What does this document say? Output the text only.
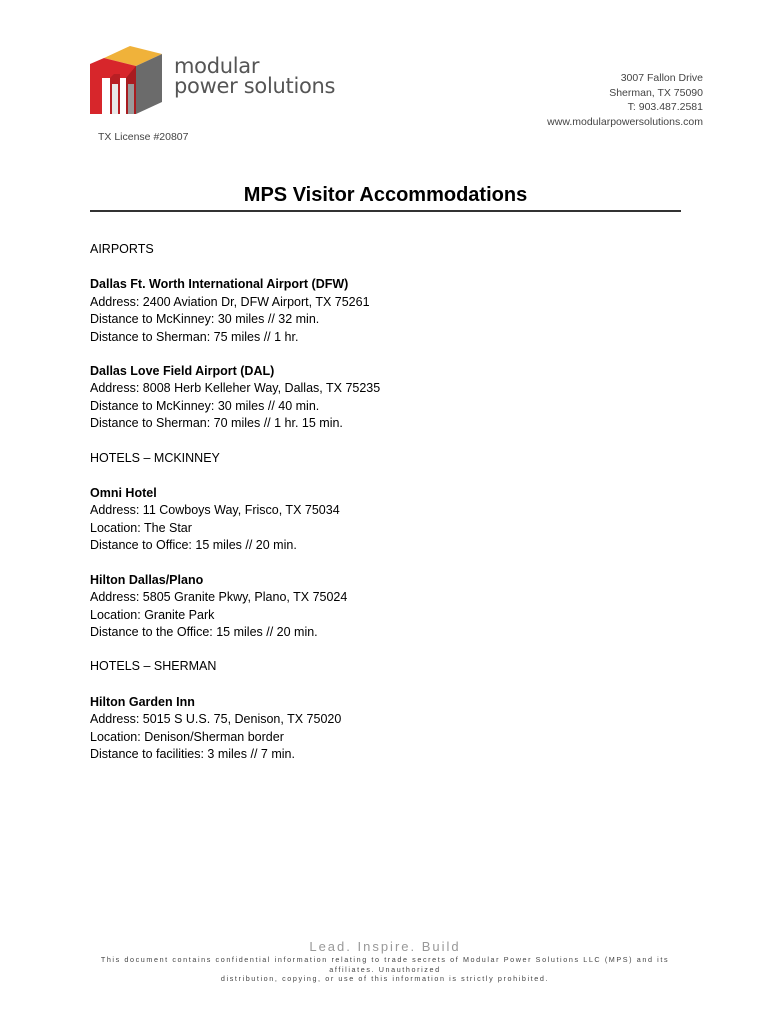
modular
power solutions	3007 Fallon Drive
Sherman, TX 75090
T: 903.487.2581
www.modularpowersolutions.com
TX License #20807
MPS Visitor Accommodations
AIRPORTS
Dallas Ft. Worth International Airport (DFW)
Address: 2400 Aviation Dr, DFW Airport, TX 75261
Distance to McKinney: 30 miles // 32 min.
Distance to Sherman: 75 miles // 1 hr.
Dallas Love Field Airport (DAL)
Address: 8008 Herb Kelleher Way, Dallas, TX 75235
Distance to McKinney: 30 miles // 40 min.
Distance to Sherman: 70 miles // 1 hr. 15 min.
HOTELS – MCKINNEY
Omni Hotel
Address: 11 Cowboys Way, Frisco, TX 75034
Location: The Star
Distance to Office: 15 miles // 20 min.
Hilton Dallas/Plano
Address: 5805 Granite Pkwy, Plano, TX 75024
Location: Granite Park
Distance to the Office: 15 miles // 20 min.
HOTELS – SHERMAN
Hilton Garden Inn
Address: 5015 S U.S. 75, Denison, TX 75020
Location: Denison/Sherman border
Distance to facilities: 3 miles // 7 min.
Lead. Inspire. Build
This document contains confidential information relating to trade secrets of Modular Power Solutions LLC (MPS) and its affiliates. Unauthorized
distribution, copying, or use of this information is strictly prohibited.
